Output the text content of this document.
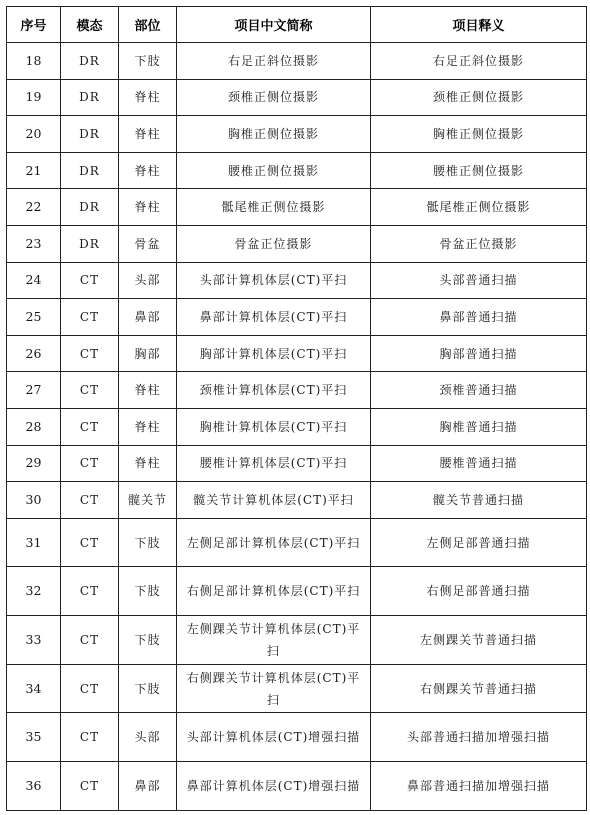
序号	模态	部位	项目中文简称	项目释义
18	DR	下肢	右足正斜位摄影	右足正斜位摄影
19	DR	脊柱	颈椎正侧位摄影	颈椎正侧位摄影
20	DR	脊柱	胸椎正侧位摄影	胸椎正侧位摄影
21	DR	脊柱	腰椎正侧位摄影	腰椎正侧位摄影
22	DR	脊柱	骶尾椎正侧位摄影	骶尾椎正侧位摄影
23	DR	骨盆	骨盆正位摄影	骨盆正位摄影
24	CT	头部	头部计算机体层(CT)平扫	头部普通扫描
25	CT	鼻部	鼻部计算机体层(CT)平扫	鼻部普通扫描
26	CT	胸部	胸部计算机体层(CT)平扫	胸部普通扫描
27	CT	脊柱	颈椎计算机体层(CT)平扫	颈椎普通扫描
28	CT	脊柱	胸椎计算机体层(CT)平扫	胸椎普通扫描
29	CT	脊柱	腰椎计算机体层(CT)平扫	腰椎普通扫描
30	CT	髋关节	髋关节计算机体层(CT)平扫	髋关节普通扫描
31	CT	下肢	左侧足部计算机体层(CT)平扫	左侧足部普通扫描
32	CT	下肢	右侧足部计算机体层(CT)平扫	右侧足部普通扫描
33	CT	下肢	左侧踝关节计算机体层(CT)平扫	左侧踝关节普通扫描
34	CT	下肢	右侧踝关节计算机体层(CT)平扫	右侧踝关节普通扫描
35	CT	头部	头部计算机体层(CT)增强扫描	头部普通扫描加增强扫描
36	CT	鼻部	鼻部计算机体层(CT)增强扫描	鼻部普通扫描加增强扫描
